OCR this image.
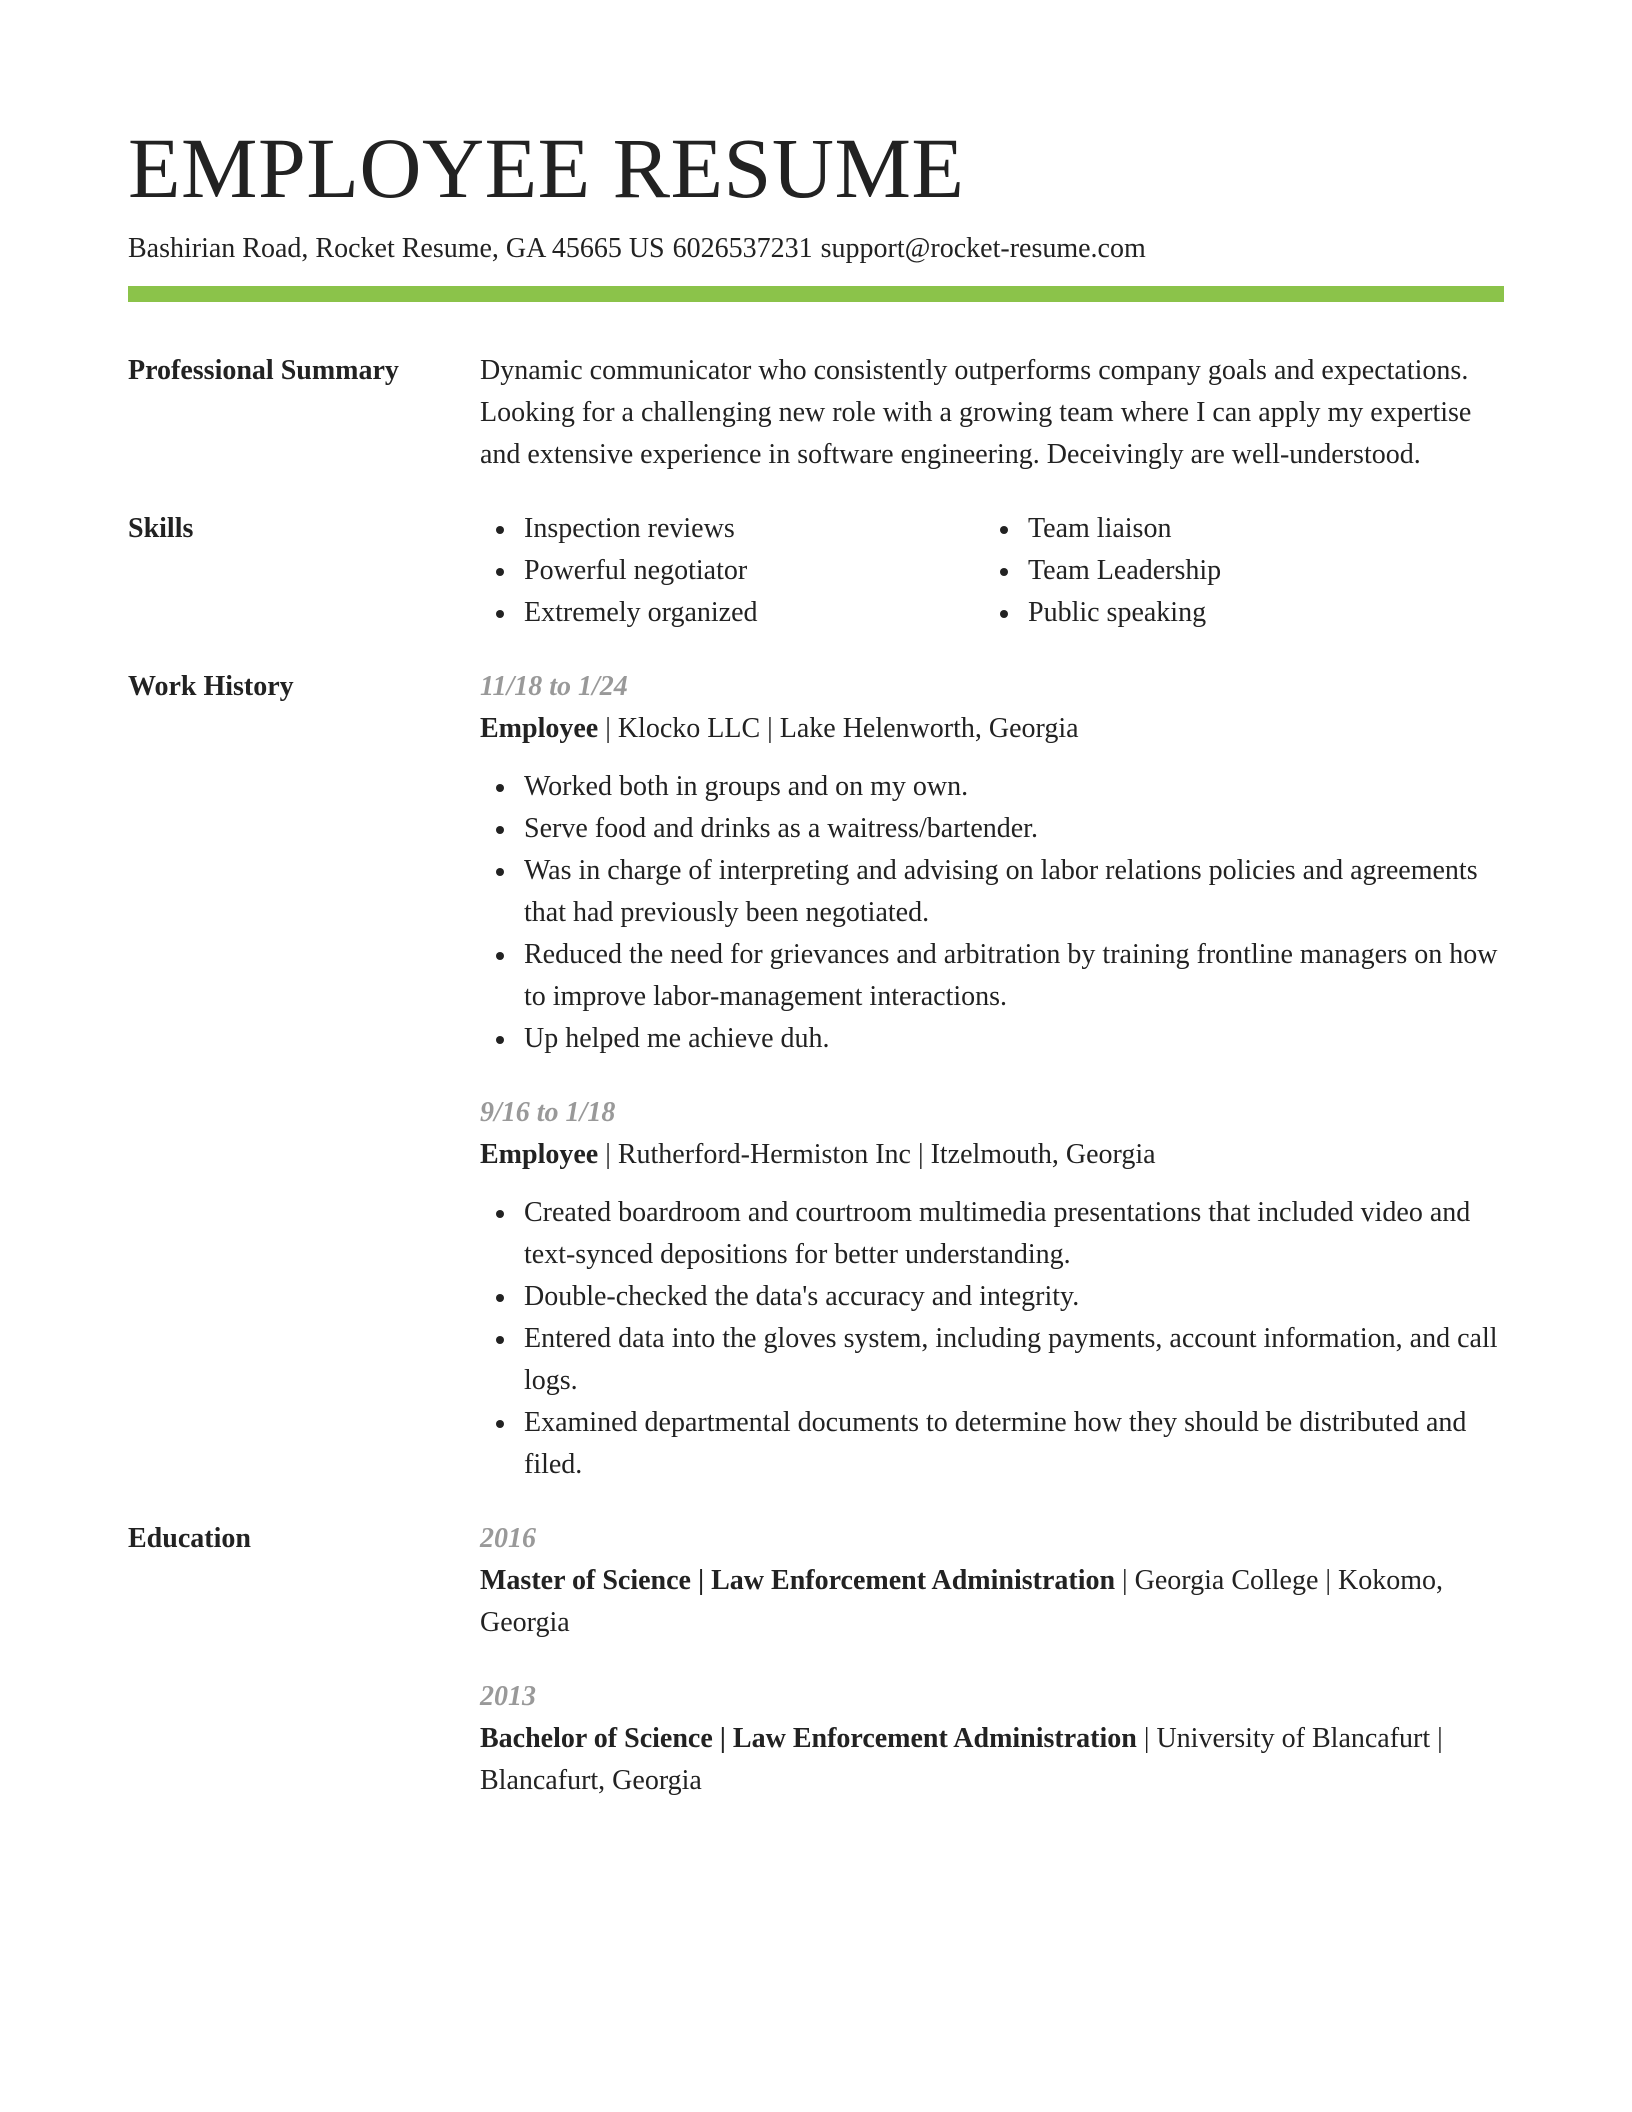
EMPLOYEE RESUME
Bashirian Road, Rocket Resume, GA 45665 US 6026537231 support@rocket-resume.com
Professional Summary	Dynamic communicator who consistently outperforms company goals and expectations. Looking for a challenging new role with a growing team where I can apply my expertise and extensive experience in software engineering. Deceivingly are well-understood.

Skills	Inspection reviews
Powerful negotiator
Extremely organized
Team liaison
Team Leadership
Public speaking
Work History	11/18 to 1/24
Employee | Klocko LLC | Lake Helenworth, Georgia
Worked both in groups and on my own.
Serve food and drinks as a waitress/bartender.
Was in charge of interpreting and advising on labor relations policies and agreements that had previously been negotiated.
Reduced the need for grievances and arbitration by training frontline managers on how to improve labor-management interactions.
Up helped me achieve duh.
9/16 to 1/18
Employee | Rutherford-Hermiston Inc | Itzelmouth, Georgia
Created boardroom and courtroom multimedia presentations that included video and text-synced depositions for better understanding.
Double-checked the data's accuracy and integrity.
Entered data into the gloves system, including payments, account information, and call logs.
Examined departmental documents to determine how they should be distributed and filed.
Education	2016
Master of Science | Law Enforcement Administration | Georgia College | Kokomo, Georgia
2013
Bachelor of Science | Law Enforcement Administration | University of Blancafurt | Blancafurt, Georgia
